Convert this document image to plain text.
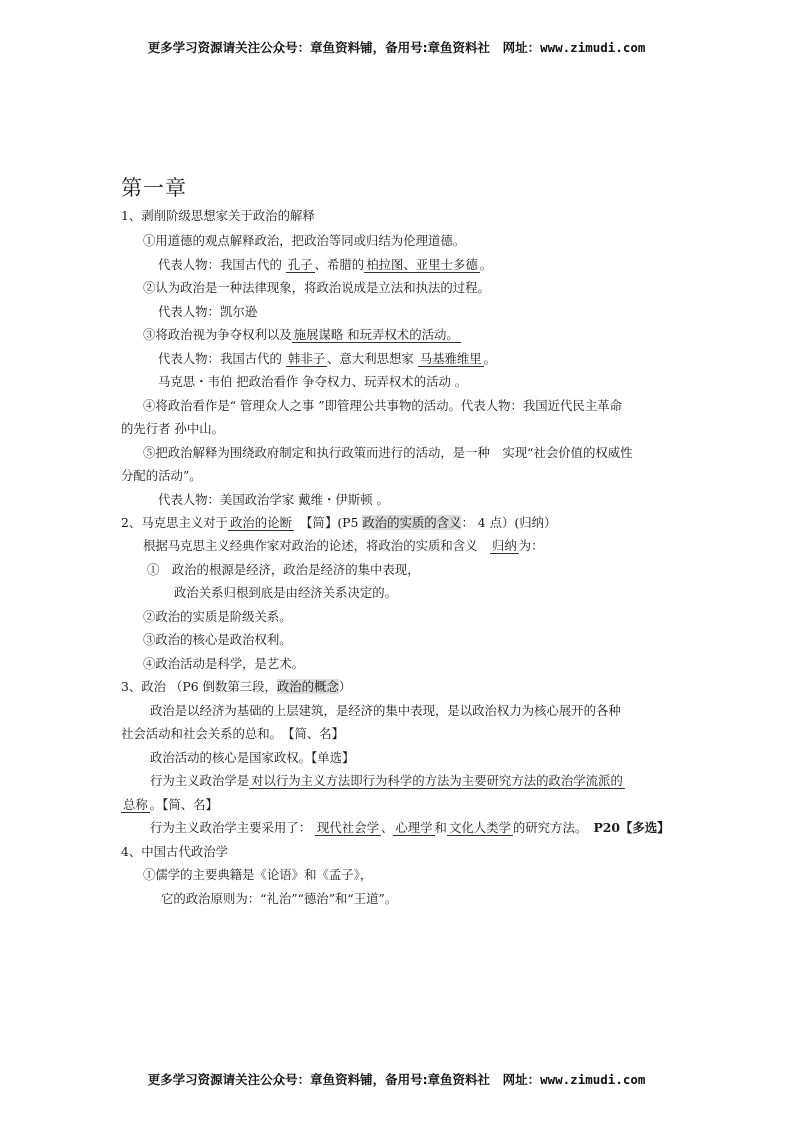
更多学习资源请关注公众号：章鱼资料铺，备用号:章鱼资料社　网址：www.zimudi.com
第一章
1、剥削阶级思想家关于政治的解释
①用道德的观点解释政治，把政治等同或归结为伦理道德。
代表人物：我国古代的 孔子 、希腊的 柏拉图、亚里士多德 。
②认为政治是一种法律现象，将政治说成是立法和执法的过程。
代表人物：凯尔逊
③将政治视为争夺权利以及 施展谋略 和玩弄权术的活动。
代表人物：我国古代的 韩非子 、意大利思想家 马基雅维里 。
马克思・韦伯 把政治看作 争夺权力、玩弄权术的活动 。
④将政治看作是“ 管理众人之事 ”即管理公共事物的活动。代表人物：我国近代民主革命
的先行者 孙中山。
⑤把政治解释为围绕政府制定和执行政策而进行的活动，是一种　实现“社会价值的权威性
分配的活动”。
代表人物：美国政治学家 戴维・伊斯顿 。
2、马克思主义对于 政治的论断　 【简】(P5 政治的实质的含义： 4 点）(归纳）
根据马克思主义经典作家对政治的论述，将政治的实质和含义　归纳 为：
①　政治的根源是经济，政治是经济的集中表现，
政治关系归根到底是由经济关系决定的。
②政治的实质是阶级关系。
③政治的核心是政治权利。
④政治活动是科学，是艺术。
3、政治 （P6 倒数第三段，政治的概念）
政治是以经济为基础的上层建筑，是经济的集中表现，是以政治权力为核心展开的各种
社会活动和社会关系的总和。　【简、名】
政治活动的核心是国家政权。【单选】
行为主义政治学是 对以行为主义方法即行为科学的方法为主要研究方法的政治学流派的
总称 。【简、名】
行为主义政治学主要采用了： 现代社会学 、 心理学 和 文化人类学 的研究方法。　 P20【多选】
4、中国古代政治学
①儒学的主要典籍是《论语》和《孟子》，
它的政治原则为：“礼治”“德治”和“王道”。
更多学习资源请关注公众号：章鱼资料铺，备用号:章鱼资料社　网址：www.zimudi.com
